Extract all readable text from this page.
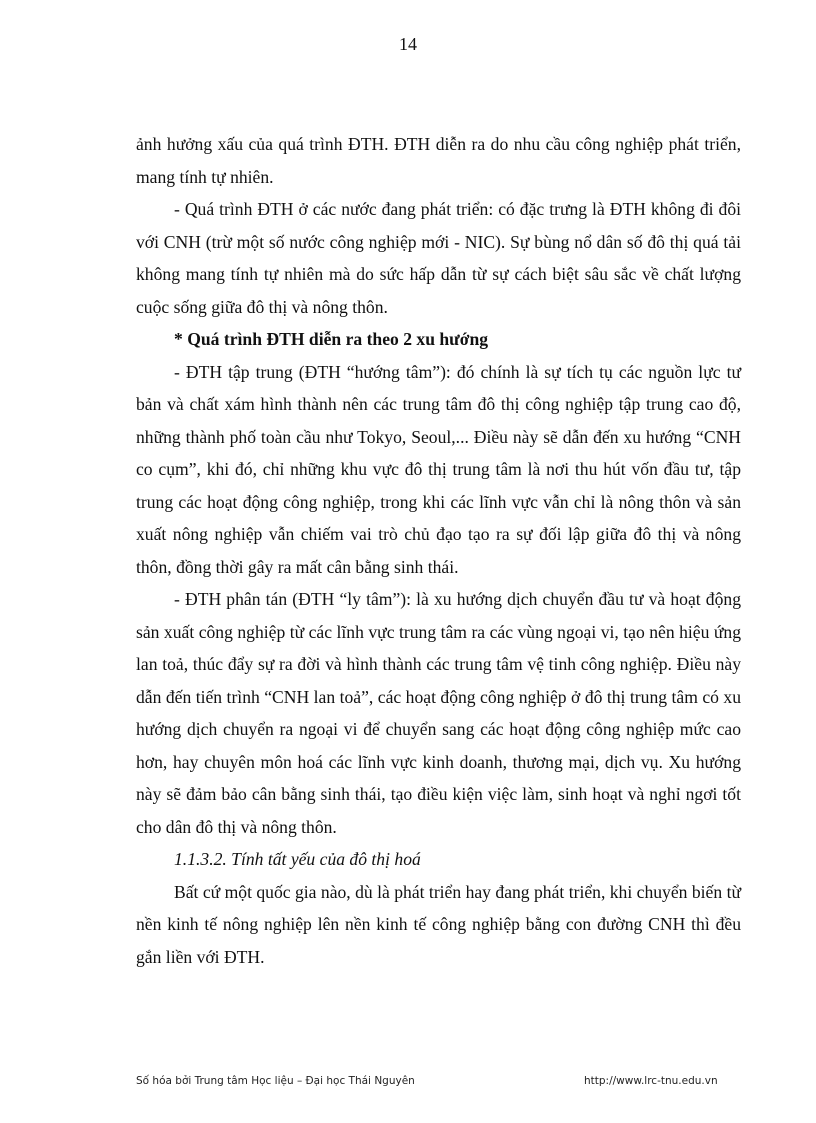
14

ảnh hưởng xấu của quá trình ĐTH. ĐTH diễn ra do nhu cầu công nghiệp phát triển, mang tính tự nhiên.

- Quá trình ĐTH ở các nước đang phát triển: có đặc trưng là ĐTH không đi đôi với CNH (trừ một số nước công nghiệp mới - NIC). Sự bùng nổ dân số đô thị quá tải không mang tính tự nhiên mà do sức hấp dẫn từ sự cách biệt sâu sắc về chất lượng cuộc sống giữa đô thị và nông thôn.

* Quá trình ĐTH diễn ra theo 2 xu hướng

- ĐTH tập trung (ĐTH “hướng tâm”): đó chính là sự tích tụ các nguồn lực tư bản và chất xám hình thành nên các trung tâm đô thị công nghiệp tập trung cao độ, những thành phố toàn cầu như Tokyo, Seoul,... Điều này sẽ dẫn đến xu hướng “CNH co cụm”, khi đó, chỉ những khu vực đô thị trung tâm là nơi thu hút vốn đầu tư, tập trung các hoạt động công nghiệp, trong khi các lĩnh vực vẫn chỉ là nông thôn và sản xuất nông nghiệp vẫn chiếm vai trò chủ đạo tạo ra sự đối lập giữa đô thị và nông thôn, đồng thời gây ra mất cân bằng sinh thái.

- ĐTH phân tán (ĐTH “ly tâm”): là xu hướng dịch chuyển đầu tư và hoạt động sản xuất công nghiệp từ các lĩnh vực trung tâm ra các vùng ngoại vi, tạo nên hiệu ứng lan toả, thúc đẩy sự ra đời và hình thành các trung tâm vệ tinh công nghiệp. Điều này dẫn đến tiến trình “CNH lan toả”, các hoạt động công nghiệp ở đô thị trung tâm có xu hướng dịch chuyển ra ngoại vi để chuyển sang các hoạt động công nghiệp mức cao hơn, hay chuyên môn hoá các lĩnh vực kinh doanh, thương mại, dịch vụ. Xu hướng này sẽ đảm bảo cân bằng sinh thái, tạo điều kiện việc làm, sinh hoạt và nghỉ ngơi tốt cho dân đô thị và nông thôn.

1.1.3.2. Tính tất yếu của đô thị hoá

Bất cứ một quốc gia nào, dù là phát triển hay đang phát triển, khi chuyển biến từ nền kinh tế nông nghiệp lên nền kinh tế công nghiệp bằng con đường CNH thì đều gắn liền với ĐTH.

Số hóa bởi Trung tâm Học liệu – Đại học Thái Nguyên	http://www.lrc-tnu.edu.vn
